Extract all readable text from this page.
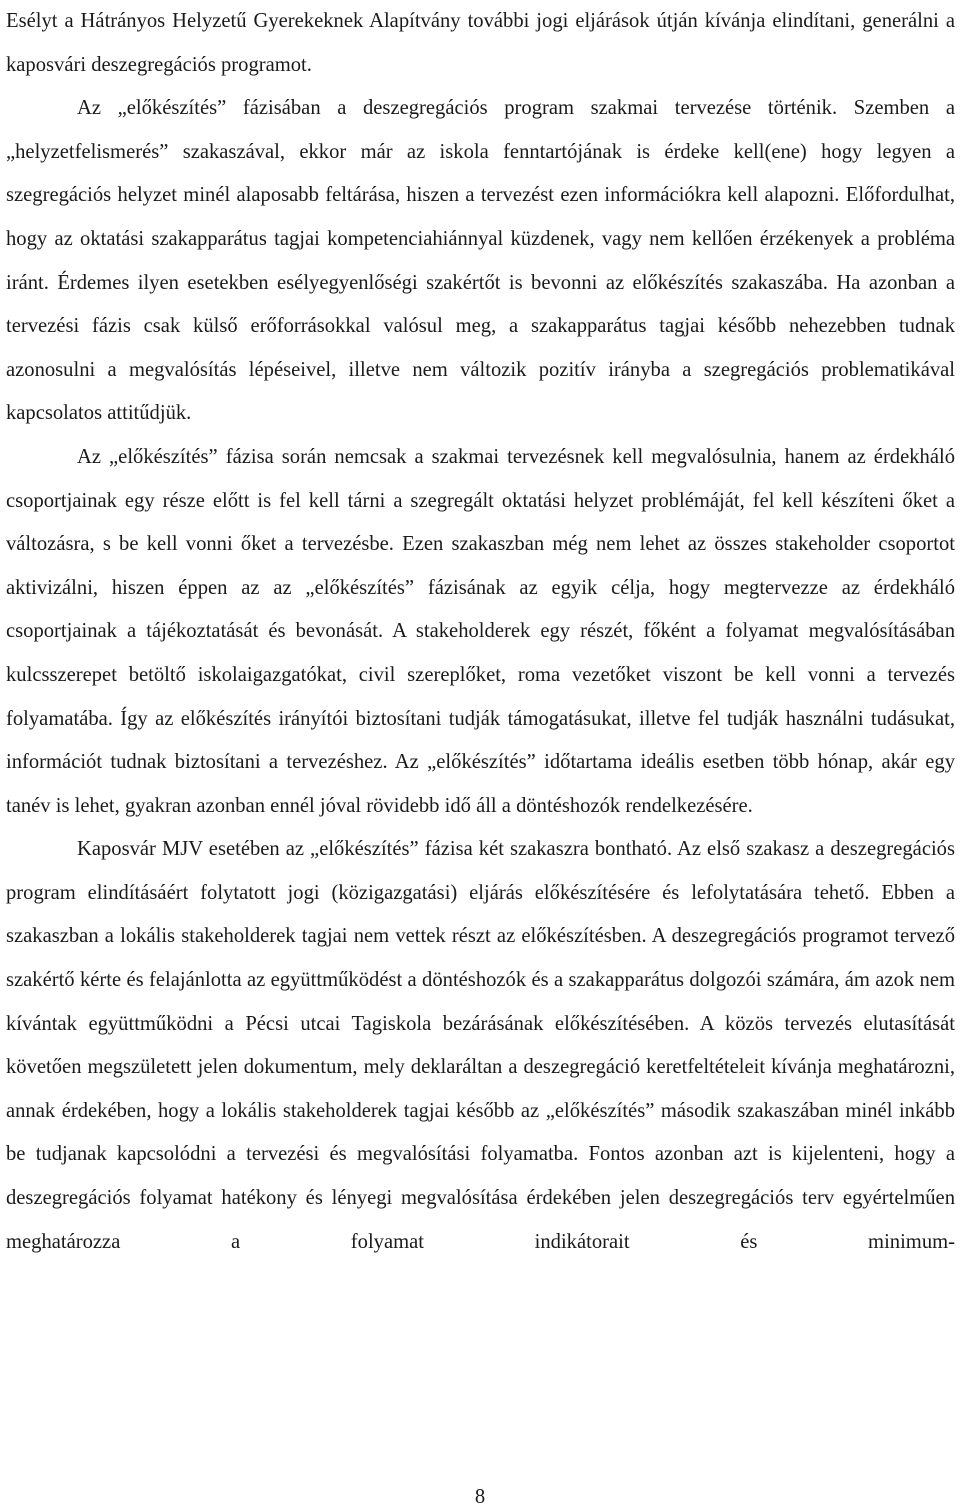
Esélyt a Hátrányos Helyzetű Gyerekeknek Alapítvány további jogi eljárások útján kívánja elindítani, generálni a kaposvári deszegregációs programot.

Az „előkészítés” fázisában a deszegregációs program szakmai tervezése történik. Szemben a „helyzetfelismerés” szakaszával, ekkor már az iskola fenntartójának is érdeke kell(ene) hogy legyen a szegregációs helyzet minél alaposabb feltárása, hiszen a tervezést ezen információkra kell alapozni. Előfordulhat, hogy az oktatási szakapparátus tagjai kompetenciahiánnyal küzdenek, vagy nem kellően érzékenyek a probléma iránt. Érdemes ilyen esetekben esélyegyenlőségi szakértőt is bevonni az előkészítés szakaszába. Ha azonban a tervezési fázis csak külső erőforrásokkal valósul meg, a szakapparátus tagjai később nehezebben tudnak azonosulni a megvalósítás lépéseivel, illetve nem változik pozitív irányba a szegregációs problematikával kapcsolatos attitűdjük.

Az „előkészítés” fázisa során nemcsak a szakmai tervezésnek kell megvalósulnia, hanem az érdekháló csoportjainak egy része előtt is fel kell tárni a szegregált oktatási helyzet problémáját, fel kell készíteni őket a változásra, s be kell vonni őket a tervezésbe. Ezen szakaszban még nem lehet az összes stakeholder csoportot aktivizálni, hiszen éppen az az „előkészítés” fázisának az egyik célja, hogy megtervezze az érdekháló csoportjainak a tájékoztatását és bevonását. A stakeholderek egy részét, főként a folyamat megvalósításában kulcsszerepet betöltő iskolaigazgatókat, civil szereplőket, roma vezetőket viszont be kell vonni a tervezés folyamatába. Így az előkészítés irányítói biztosítani tudják támogatásukat, illetve fel tudják használni tudásukat, információt tudnak biztosítani a tervezéshez. Az „előkészítés” időtartama ideális esetben több hónap, akár egy tanév is lehet, gyakran azonban ennél jóval rövidebb idő áll a döntéshozók rendelkezésére.

Kaposvár MJV esetében az „előkészítés” fázisa két szakaszra bontható. Az első szakasz a deszegregációs program elindításáért folytatott jogi (közigazgatási) eljárás előkészítésére és lefolytatására tehető. Ebben a szakaszban a lokális stakeholderek tagjai nem vettek részt az előkészítésben. A deszegregációs programot tervező szakértő kérte és felajánlotta az együttműködést a döntéshozók és a szakapparátus dolgozói számára, ám azok nem kívántak együttműködni a Pécsi utcai Tagiskola bezárásának előkészítésében. A közös tervezés elutasítását követően megszületett jelen dokumentum, mely deklaráltan a deszegregáció keretfeltételeit kívánja meghatározni, annak érdekében, hogy a lokális stakeholderek tagjai később az „előkészítés” második szakaszában minél inkább be tudjanak kapcsolódni a tervezési és megvalósítási folyamatba. Fontos azonban azt is kijelenteni, hogy a deszegregációs folyamat hatékony és lényegi megvalósítása érdekében jelen deszegregációs terv egyértelműen meghatározza a folyamat indikátorait és minimum-

8
